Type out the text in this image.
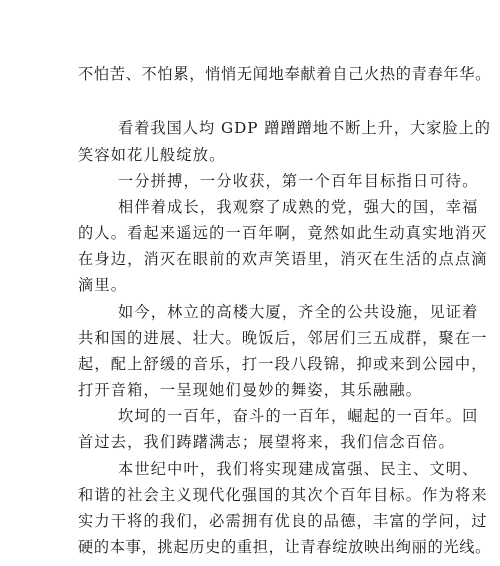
不怕苦、不怕累，悄悄无闻地奉献着自己火热的青春年华。
看着我国人均 GDP 蹭蹭蹭地不断上升，大家脸上的
笑容如花儿般绽放。
一分拼搏，一分收获，第一个百年目标指日可待。
相伴着成长，我观察了成熟的党，强大的国，幸福
的人。看起来遥远的一百年啊，竟然如此生动真实地消灭
在身边，消灭在眼前的欢声笑语里，消灭在生活的点点滴
滴里。
如今，林立的高楼大厦，齐全的公共设施，见证着
共和国的进展、壮大。晚饭后，邻居们三五成群，聚在一
起，配上舒缓的音乐，打一段八段锦，抑或来到公园中，
打开音箱，一呈现她们曼妙的舞姿，其乐融融。
坎坷的一百年，奋斗的一百年，崛起的一百年。回
首过去，我们踌躇满志；展望将来，我们信念百倍。
本世纪中叶，我们将实现建成富强、民主、文明、
和谐的社会主义现代化强国的其次个百年目标。作为将来
实力干将的我们，必需拥有优良的品德，丰富的学问，过
硬的本事，挑起历史的重担，让青春绽放映出绚丽的光线。
